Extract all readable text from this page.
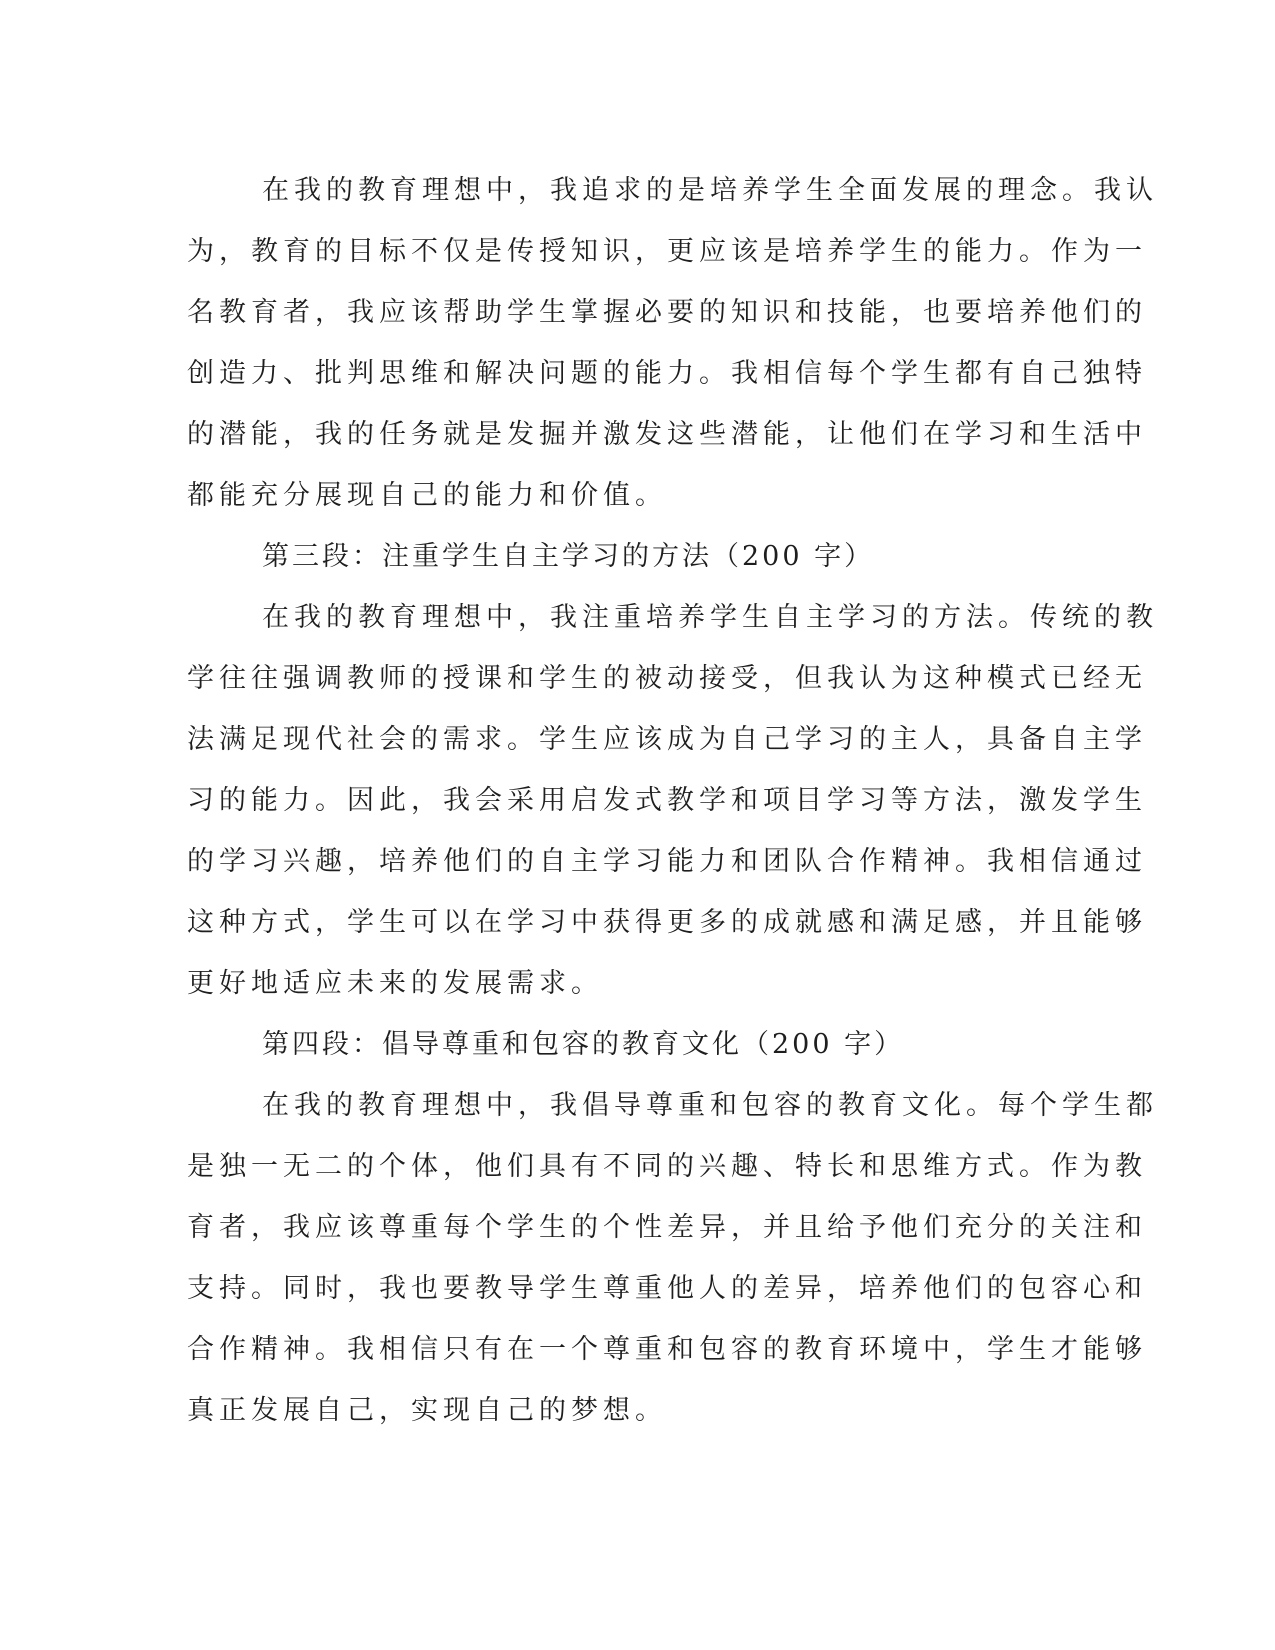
在我的教育理想中，我追求的是培养学生全面发展的理念。我认
为，教育的目标不仅是传授知识，更应该是培养学生的能力。作为一
名教育者，我应该帮助学生掌握必要的知识和技能，也要培养他们的
创造力、批判思维和解决问题的能力。我相信每个学生都有自己独特
的潜能，我的任务就是发掘并激发这些潜能，让他们在学习和生活中
都能充分展现自己的能力和价值。
第三段：注重学生自主学习的方法（200 字）
在我的教育理想中，我注重培养学生自主学习的方法。传统的教
学往往强调教师的授课和学生的被动接受，但我认为这种模式已经无
法满足现代社会的需求。学生应该成为自己学习的主人，具备自主学
习的能力。因此，我会采用启发式教学和项目学习等方法，激发学生
的学习兴趣，培养他们的自主学习能力和团队合作精神。我相信通过
这种方式，学生可以在学习中获得更多的成就感和满足感，并且能够
更好地适应未来的发展需求。
第四段：倡导尊重和包容的教育文化（200 字）
在我的教育理想中，我倡导尊重和包容的教育文化。每个学生都
是独一无二的个体，他们具有不同的兴趣、特长和思维方式。作为教
育者，我应该尊重每个学生的个性差异，并且给予他们充分的关注和
支持。同时，我也要教导学生尊重他人的差异，培养他们的包容心和
合作精神。我相信只有在一个尊重和包容的教育环境中，学生才能够
真正发展自己，实现自己的梦想。
